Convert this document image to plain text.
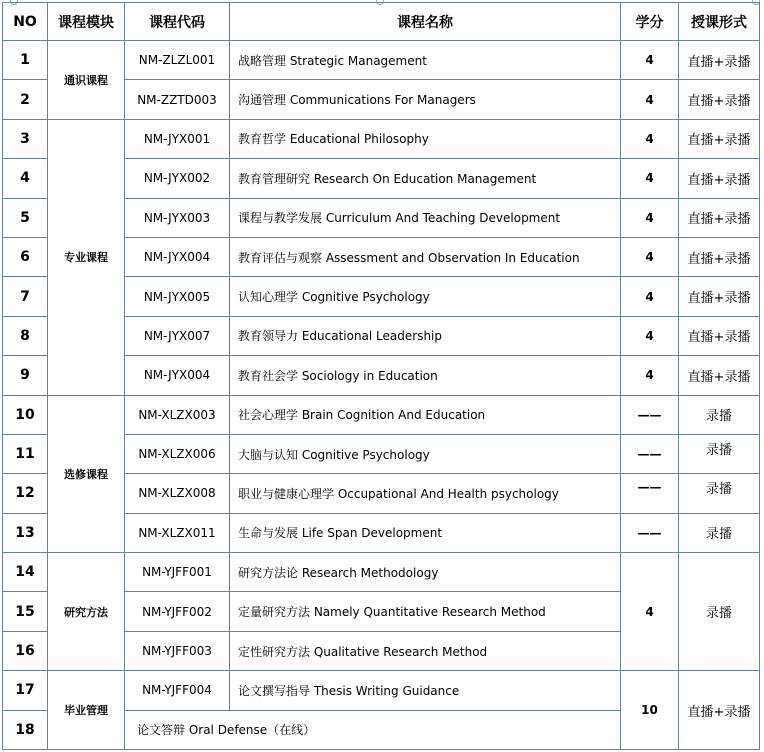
NO	课程模块	课程代码	课程名称	学分	授课形式
1	通识课程	NM-ZLZL001	战略管理 Strategic Management	4	直播+录播
2		NM-ZZTD003	沟通管理 Communications For Managers	4	直播+录播
3	专业课程	NM-JYX001	教育哲学 Educational Philosophy	4	直播+录播
4		NM-JYX002	教育管理研究 Research On Education Management	4	直播+录播
5		NM-JYX003	课程与教学发展 Curriculum And Teaching Development	4	直播+录播
6		NM-JYX004	教育评估与观察 Assessment and Observation In Education	4	直播+录播
7		NM-JYX005	认知心理学 Cognitive Psychology	4	直播+录播
8		NM-JYX007	教育领导力 Educational Leadership	4	直播+录播
9		NM-JYX004	教育社会学 Sociology in Education	4	直播+录播
10	选修课程	NM-XLZX003	社会心理学 Brain Cognition And Education	——	录播
11		NM-XLZX006	大脑与认知 Cognitive Psychology	——	录播
12		NM-XLZX008	职业与健康心理学 Occupational And Health psychology	——	录播
13		NM-XLZX011	生命与发展 Life Span Development	——	录播
14	研究方法	NM-YJFF001	研究方法论 Research Methodology	4	录播
15		NM-YJFF002	定量研究方法 Namely Quantitative Research Method		
16		NM-YJFF003	定性研究方法 Qualitative Research Method		
17	毕业管理	NM-YJFF004	论文撰写指导 Thesis Writing Guidance	10	直播+录播
18		论文答辩 Oral Defense（在线）			
